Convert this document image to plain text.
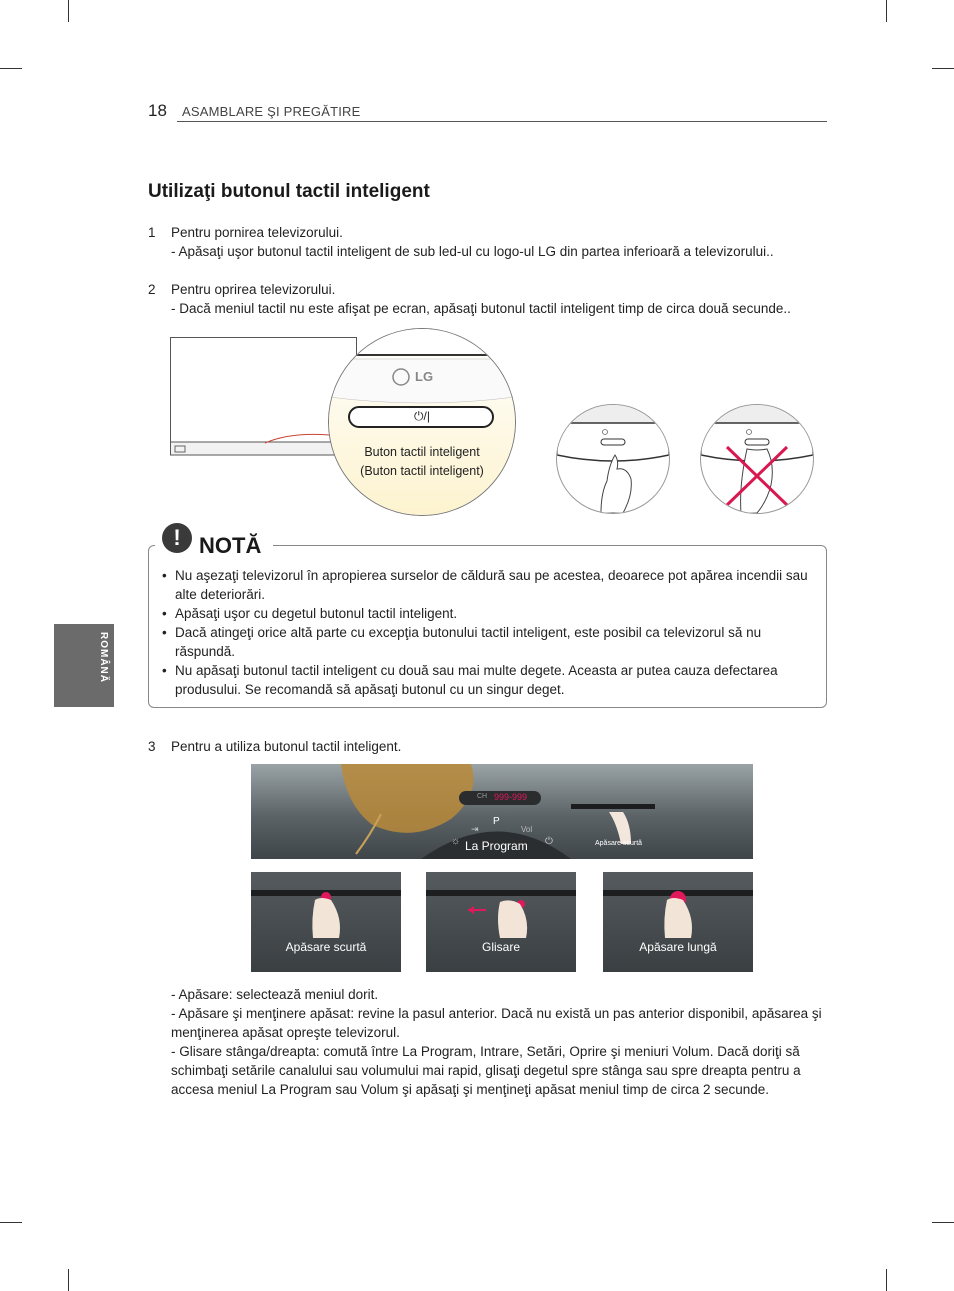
18 ASAMBLARE ŞI PREGĂTIRE
ROMÂNĂ
Utilizaţi butonul tactil inteligent
1 Pentru pornirea televizorului.
- Apăsaţi uşor butonul tactil inteligent de sub led-ul cu logo-ul LG din partea inferioară a televizorului..
2 Pentru oprirea televizorului.
- Dacă meniul tactil nu este afişat pe ecran, apăsaţi butonul tactil inteligent timp de circa două secunde..
LG
⏻/|
Buton tactil inteligent
(Buton tactil inteligent)
! NOTĂ
• Nu aşezaţi televizorul în apropierea surselor de căldură sau pe acestea, deoarece pot apărea incendii sau alte deteriorări.
• Apăsaţi uşor cu degetul butonul tactil inteligent.
• Dacă atingeţi orice altă parte cu excepţia butonului tactil inteligent, este posibil ca televizorul să nu răspundă.
• Nu apăsaţi butonul tactil inteligent cu două sau mai multe degete. Aceasta ar putea cauza defectarea produsului. Se recomandă să apăsaţi butonul cu un singur deget.
3 Pentru a utiliza butonul tactil inteligent.
CH 999-999
P
⇥	Vol
☼	⏻
La Program	Apăsare scurtă
Apăsare scurtă	Glisare	Apăsare lungă
- Apăsare: selectează meniul dorit.
- Apăsare şi menţinere apăsat: revine la pasul anterior. Dacă nu există un pas anterior disponibil, apăsarea şi menţinerea apăsat opreşte televizorul.
- Glisare stânga/dreapta: comută între La Program, Intrare, Setări, Oprire şi meniuri Volum. Dacă doriţi să schimbaţi setările canalului sau volumului mai rapid, glisaţi degetul spre stânga sau spre dreapta pentru a accesa meniul La Program sau Volum şi apăsaţi şi menţineţi apăsat meniul timp de circa 2 secunde.
